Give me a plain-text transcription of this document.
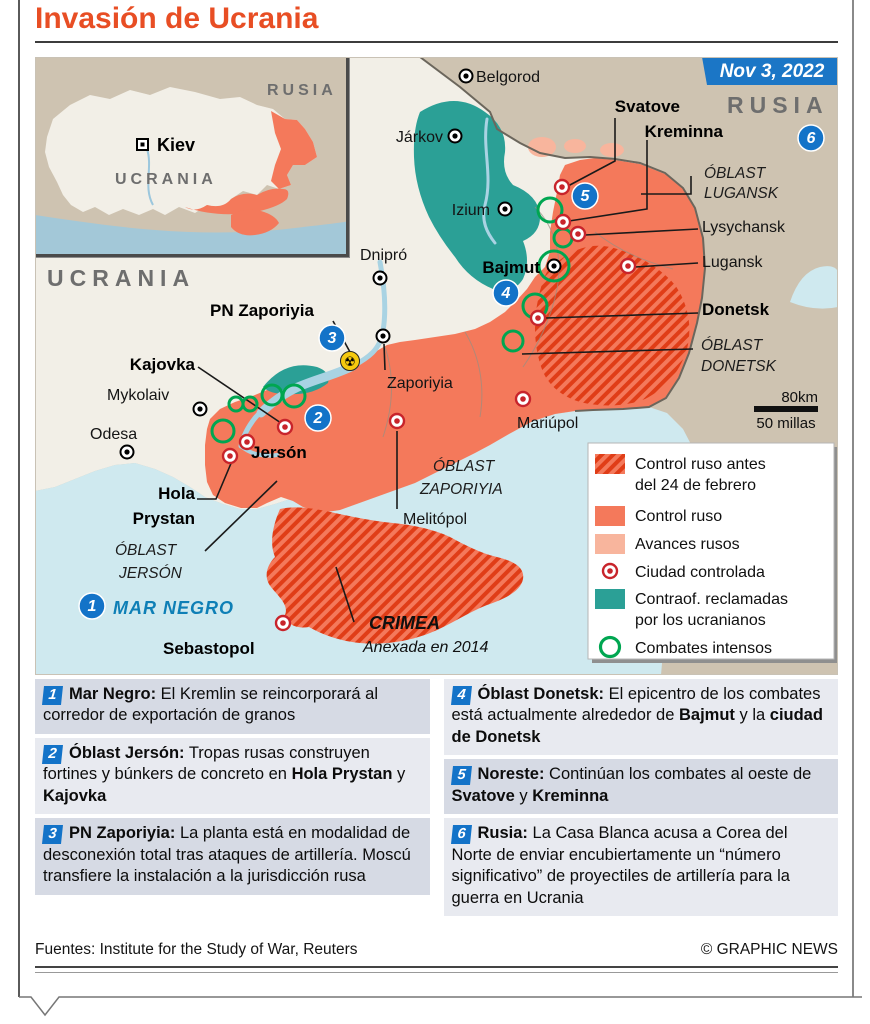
Invasión de Ucrania
Kiev
UCRANIA
RUSIA
Nov 3, 2022
☢
1
2
3
4
5
6
RUSIA
UCRANIA
Belgorod
Járkov
Izium
Dnipró
Zaporiyia
Mykolaiv
Odesa
Mariúpol
Melitópol
Lysychansk
Lugansk
Svatove
Kreminna
Bajmut
Donetsk
Jersón
Kajovka
Hola
Prystan
Sebastopol
PN Zaporiyia
ÓBLAST
LUGANSK
ÓBLAST
DONETSK
ÓBLAST
ZAPORIYIA
ÓBLAST
JERSÓN
CRIMEA
Anexada en 2014
MAR NEGRO
80km
50 millas
Control ruso antes
del 24 de febrero
Control ruso
Avances rusos
Ciudad controlada
Contraof. reclamadas
por los ucranianos
Combates intensos
1 Mar Negro: El Kremlin se reincorporará al corredor de exportación de granos
2 Óblast Jersón: Tropas rusas construyen fortines y búnkers de concreto en Hola Prystan y Kajovka
3 PN Zaporiyia: La planta está en modalidad de desconexión total tras ataques de artillería. Moscú transfiere la instalación a la jurisdicción rusa
4 Óblast Donetsk: El epicentro de los combates está actualmente alrededor de Bajmut y la ciudad de Donetsk
5 Noreste: Continúan los combates al oeste de Svatove y Kreminna
6 Rusia: La Casa Blanca acusa a Corea del Norte de enviar encubiertamente un “número significativo” de proyectiles de artillería para la guerra en Ucrania
Fuentes: Institute for the Study of War, Reuters	© GRAPHIC NEWS
